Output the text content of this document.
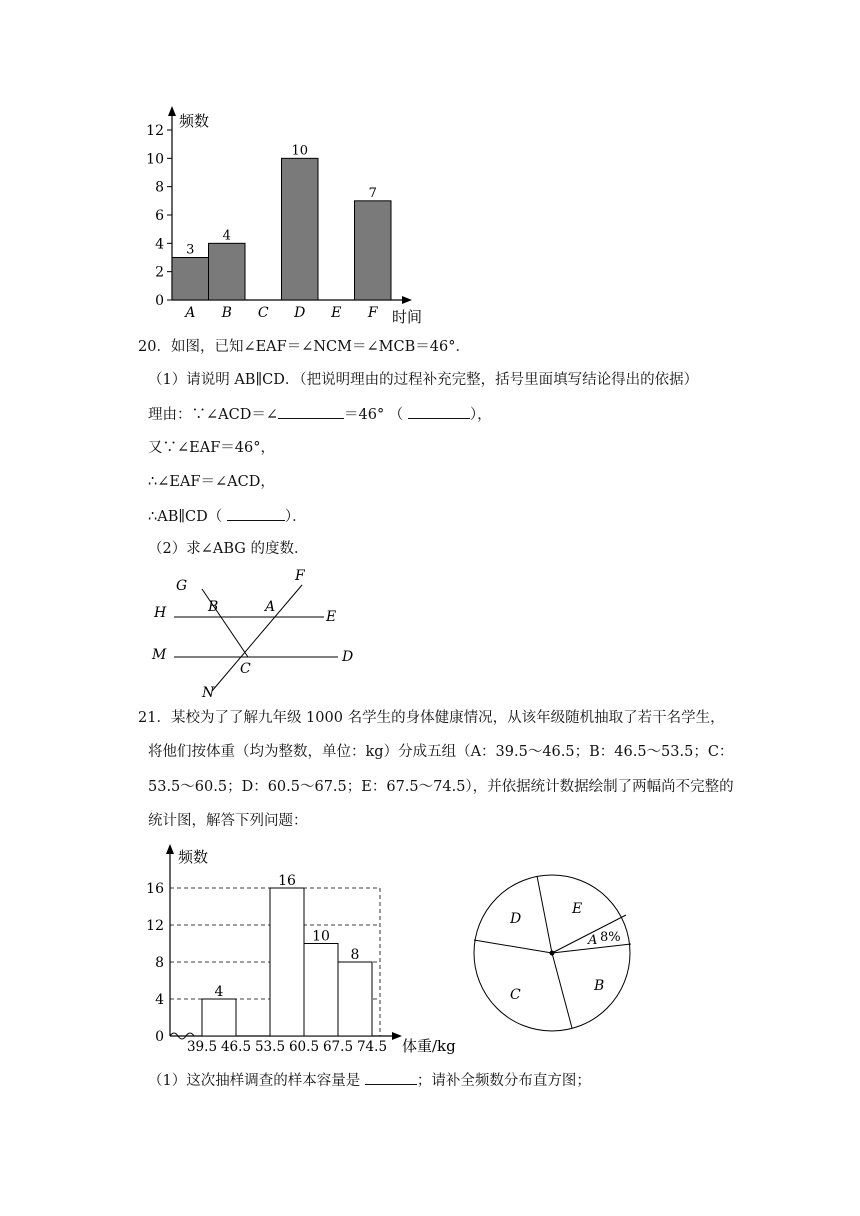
0
2
4
6
8
10
12
A B C D E F
3
4
10
7
频数
时间
20．如图，已知∠EAF＝∠NCM＝∠MCB＝46°．
（1）请说明 AB∥CD．（把说明理由的过程补充完整，括号里面填写结论得出的依据）
理由：∵∠ACD＝∠	＝46° （	），
又∵∠EAF＝46°，
∴∠EAF＝∠ACD，
∴AB∥CD（	）．
（2）求∠ABG 的度数．
G
B	A
F
H	E
M
C
D
N
21．某校为了了解九年级 1000 名学生的身体健康情况，从该年级随机抽取了若干名学生，
将他们按体重（均为整数，单位：kg）分成五组（A：39.5～46.5；B：46.5～53.5；C：
53.5～60.5；D：60.5～67.5；E：67.5～74.5），并依据统计数据绘制了两幅尚不完整的
统计图，解答下列问题：
0
4
8
12
16
39.5 46.5 53.5 60.5 67.5 74.5
4
16
10
8
频数
体重/kg
D
E
A 8%
B
C
（1）这次抽样调查的样本容量是	；请补全频数分布直方图；
